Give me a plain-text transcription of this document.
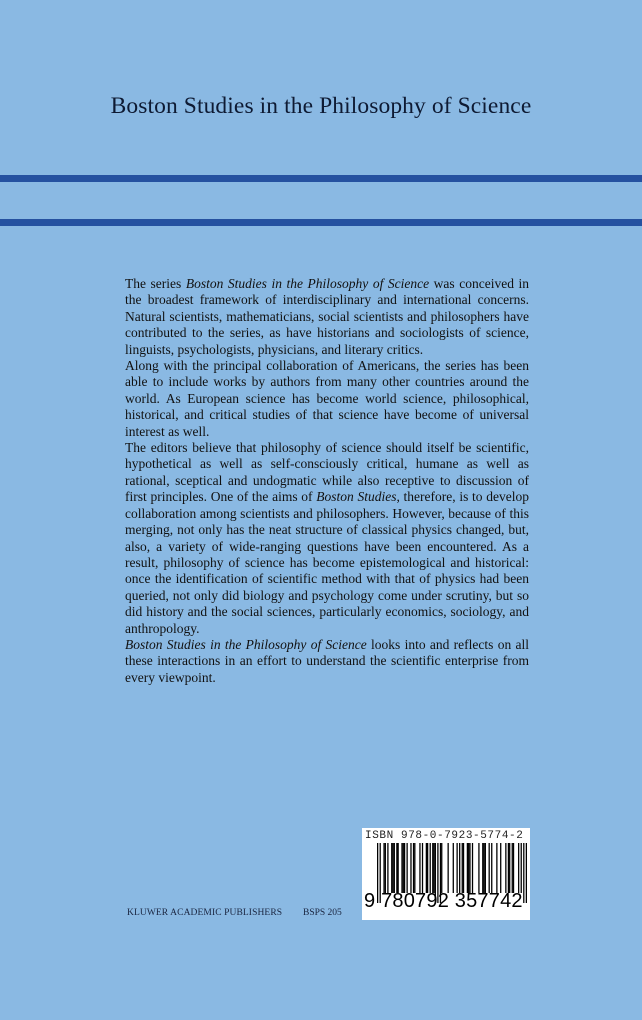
Boston Studies in the Philosophy of Science

The series Boston Studies in the Philosophy of Science was conceived in the broadest framework of interdisciplinary and international concerns. Natural scientists, mathematicians, social scientists and philosophers have contributed to the series, as have historians and sociologists of science, linguists, psychologists, physicians, and literary critics.

Along with the principal collaboration of Americans, the series has been able to include works by authors from many other countries around the world. As European science has become world science, philosophical, historical, and critical studies of that science have become of universal interest as well.

The editors believe that philosophy of science should itself be scientific, hypothetical as well as self-consciously critical, humane as well as rational, sceptical and undogmatic while also receptive to discussion of first principles. One of the aims of Boston Studies, therefore, is to develop collaboration among scientists and philosophers. However, because of this merging, not only has the neat structure of classical physics changed, but, also, a variety of wide-ranging questions have been encountered. As a result, philosophy of science has become epistemological and historical: once the identification of scientific method with that of physics had been queried, not only did biology and psychology come under scrutiny, but so did history and the social sciences, particularly economics, sociology, and anthropology.

Boston Studies in the Philosophy of Science looks into and reflects on all these interactions in an effort to understand the scientific enterprise from every viewpoint.

KLUWER ACADEMIC PUBLISHERS BSPS 205
ISBN 978-0-7923-5774-2
9 780792 357742
